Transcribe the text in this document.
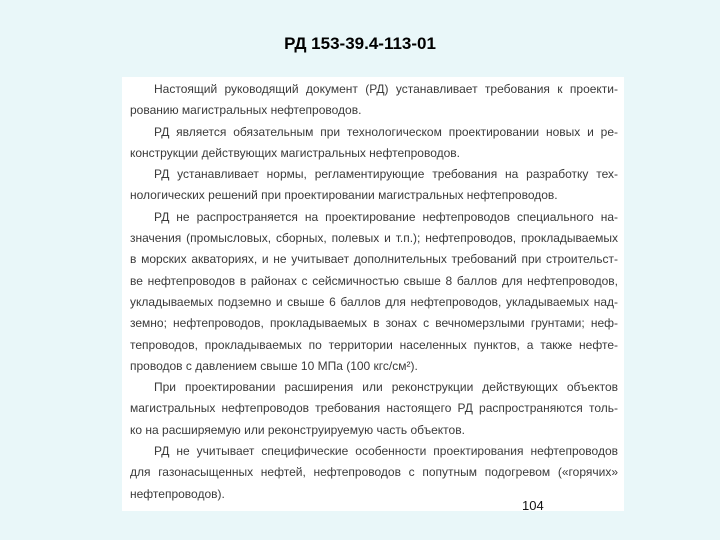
РД 153-39.4-113-01
Настоящий руководящий документ (РД) устанавливает требования к проекти-
рованию магистральных нефтепроводов.
РД является обязательным при технологическом проектировании новых и ре-
конструкции действующих магистральных нефтепроводов.
РД устанавливает нормы, регламентирующие требования на разработку тех-
нологических решений при проектировании магистральных нефтепроводов.
РД не распространяется на проектирование нефтепроводов специального на-
значения (промысловых, сборных, полевых и т.п.); нефтепроводов, прокладываемых
в морских акваториях, и не учитывает дополнительных требований при строительст-
ве нефтепроводов в районах с сейсмичностью свыше 8 баллов для нефтепроводов,
укладываемых подземно и свыше 6 баллов для нефтепроводов, укладываемых над-
земно; нефтепроводов, прокладываемых в зонах с вечномерзлыми грунтами; неф-
тепроводов, прокладываемых по территории населенных пунктов, а также нефте-
проводов с давлением свыше 10 МПа (100 кгс/см²).
При проектировании расширения или реконструкции действующих объектов
магистральных нефтепроводов требования настоящего РД распространяются толь-
ко на расширяемую или реконструируемую часть объектов.
РД не учитывает специфические особенности проектирования нефтепроводов
для газонасыщенных нефтей, нефтепроводов с попутным подогревом («горячих»
нефтепроводов).
104
